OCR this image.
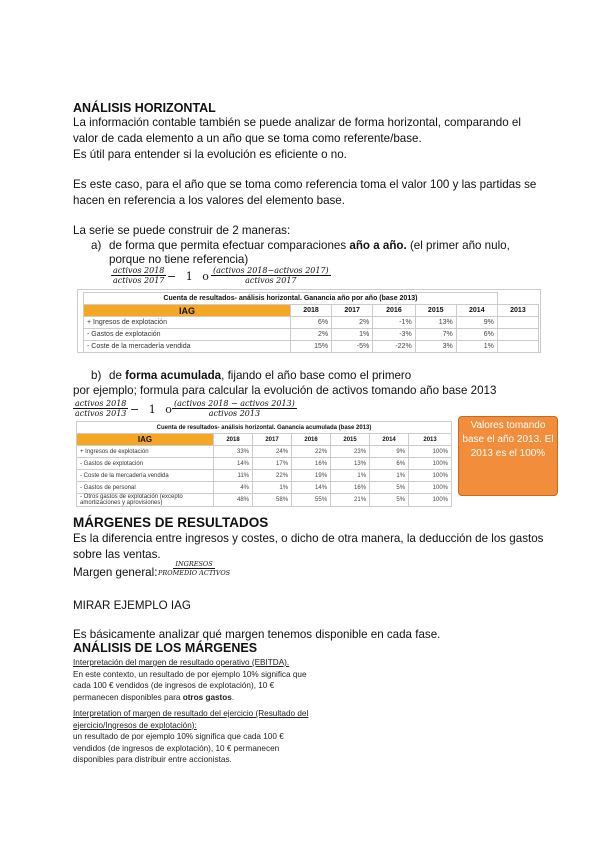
ANÁLISIS HORIZONTAL
La información contable también se puede analizar de forma horizontal, comparando el
valor de cada elemento a un año que se toma como referente/base.
Es útil para entender si la evolución es eficiente o no.
Es este caso, para el año que se toma como referencia toma el valor 100 y las partidas se
hacen en referencia a los valores del elemento base.
La serie se puede construir de 2 maneras:
a) de forma que permita efectuar comparaciones año a año. (el primer año nulo,
porque no tiene referencia)
activos 2018
activos 2017 − 1 o (activos 2018−activos 2017)
activos 2017
Cuenta de resultados- análisis horizontal. Ganancia año por año (base 2013)						
IAG	2018	2017	2016	2015	2014	2013
+ Ingresos de explotación	6%	2%	-1%	13%	9%	
- Gastos de explotación	2%	1%	-3%	7%	6%	
- Coste de la mercadería vendida	15%	-5%	-22%	3%	1%	
b) de forma acumulada, fijando el año base como el primero
por ejemplo; formula para calcular la evolución de activos tomando año base 2013
activos 2018
activos 2013 − 1 o (activos 2018 − activos 2013)
activos 2013
Cuenta de resultados- análisis horizontal. Ganancia acumulada (base 2013)						
IAG	2018	2017	2016	2015	2014	2013
+ Ingresos de explotación	33%	24%	22%	23%	9%	100%
- Gastos de explotación	14%	17%	16%	13%	6%	100%
- Coste de la mercadería vendida	11%	22%	19%	1%	1%	100%
- Gastos de personal	4%	1%	14%	16%	5%	100%
- Otros gastos de explotación (excepto amortizaciones y aprovisiones)	48%	58%	55%	21%	5%	100%
Valores tomando base el año 2013. El 2013 es el 100%
MÁRGENES DE RESULTADOS
Es la diferencia entre ingresos y costes, o dicho de otra manera, la deducción de los gastos
sobre las ventas.
Margen general:
INGRESOS
PROMEDIO ACTIVOS
MIRAR EJEMPLO IAG
Es básicamente analizar qué margen tenemos disponible en cada fase.
ANÁLISIS DE LOS MÁRGENES
Interpretación del margen de resultado operativo (EBITDA).
En este contexto, un resultado de por ejemplo 10% significa que
cada 100 € vendidos (de ingresos de explotación), 10 €
permanecen disponibles para otros gastos.
Interpretation of margen de resultado del ejercicio (Resultado del
ejercicio/Ingresos de explotación):
un resultado de por ejemplo 10% significa que cada 100 €
vendidos (de ingresos de explotación), 10 € permanecen
disponibles para distribuir entre accionistas.
